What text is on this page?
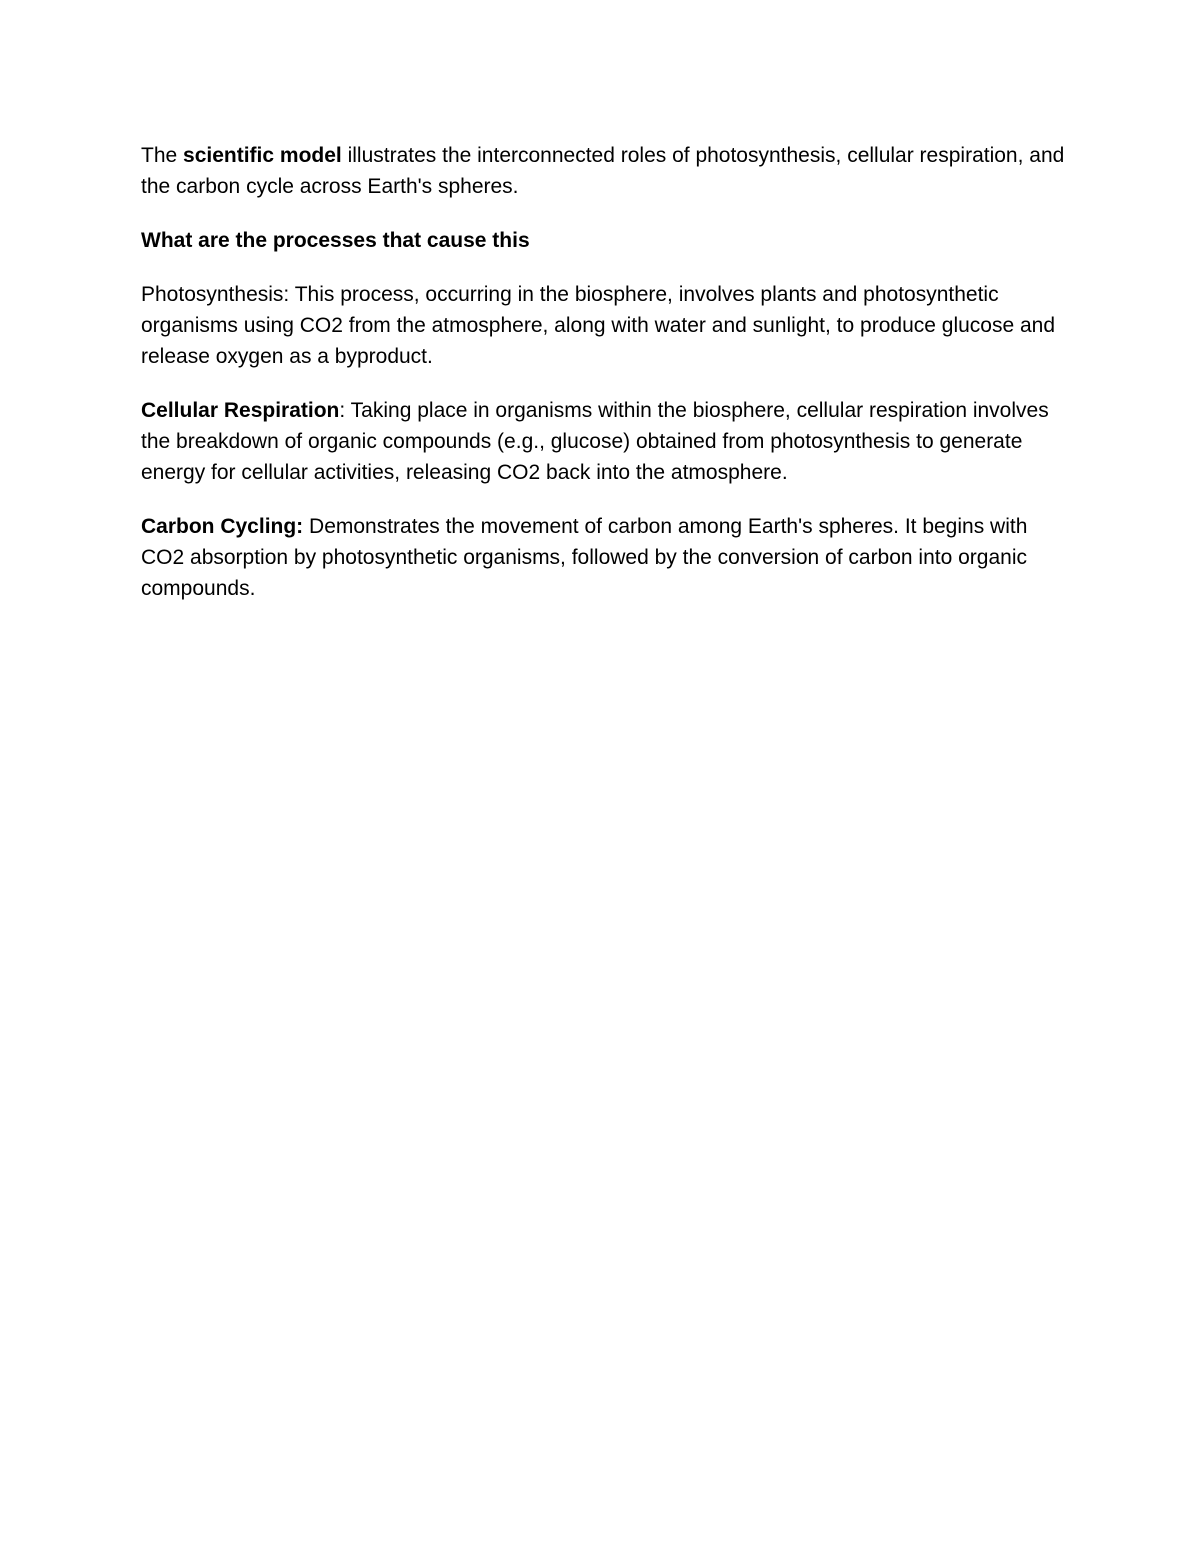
The scientific model illustrates the interconnected roles of photosynthesis, cellular respiration, and the carbon cycle across Earth's spheres.

What are the processes that cause this

Photosynthesis: This process, occurring in the biosphere, involves plants and photosynthetic organisms using CO2 from the atmosphere, along with water and sunlight, to produce glucose and release oxygen as a byproduct.

Cellular Respiration: Taking place in organisms within the biosphere, cellular respiration involves the breakdown of organic compounds (e.g., glucose) obtained from photosynthesis to generate energy for cellular activities, releasing CO2 back into the atmosphere.

Carbon Cycling: Demonstrates the movement of carbon among Earth's spheres. It begins with CO2 absorption by photosynthetic organisms, followed by the conversion of carbon into organic compounds.
